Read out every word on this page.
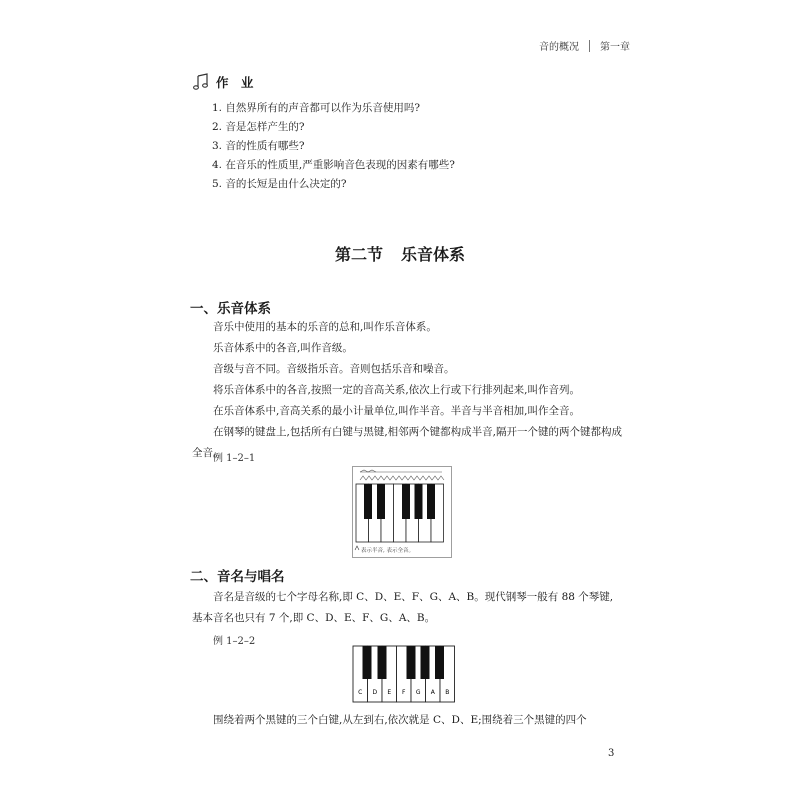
音的概况 第一章
作 业
1. 自然界所有的声音都可以作为乐音使用吗?
2. 音是怎样产生的?
3. 音的性质有哪些?
4. 在音乐的性质里,严重影响音色表现的因素有哪些?
5. 音的长短是由什么决定的?
第二节 乐音体系
一、乐音体系

音乐中使用的基本的乐音的总和,叫作乐音体系。

乐音体系中的各音,叫作音级。

音级与音不同。音级指乐音。音则包括乐音和噪音。

将乐音体系中的各音,按照一定的音高关系,依次上行或下行排列起来,叫作音列。

在乐音体系中,音高关系的最小计量单位,叫作半音。半音与半音相加,叫作全音。

在钢琴的键盘上,包括所有白键与黑键,相邻两个键都构成半音,隔开一个键的两个键都构成全音。

例 1–2–1
表示半音, 表示全音。
二、音名与唱名

音名是音级的七个字母名称,即 C、D、E、F、G、A、B。现代钢琴一般有 88 个琴键,基本音名也只有 7 个,即 C、D、E、F、G、A、B。

例 1–2–2
C D E F G A B

围绕着两个黑键的三个白键,从左到右,依次就是 C、D、E;围绕着三个黑键的四个

3
